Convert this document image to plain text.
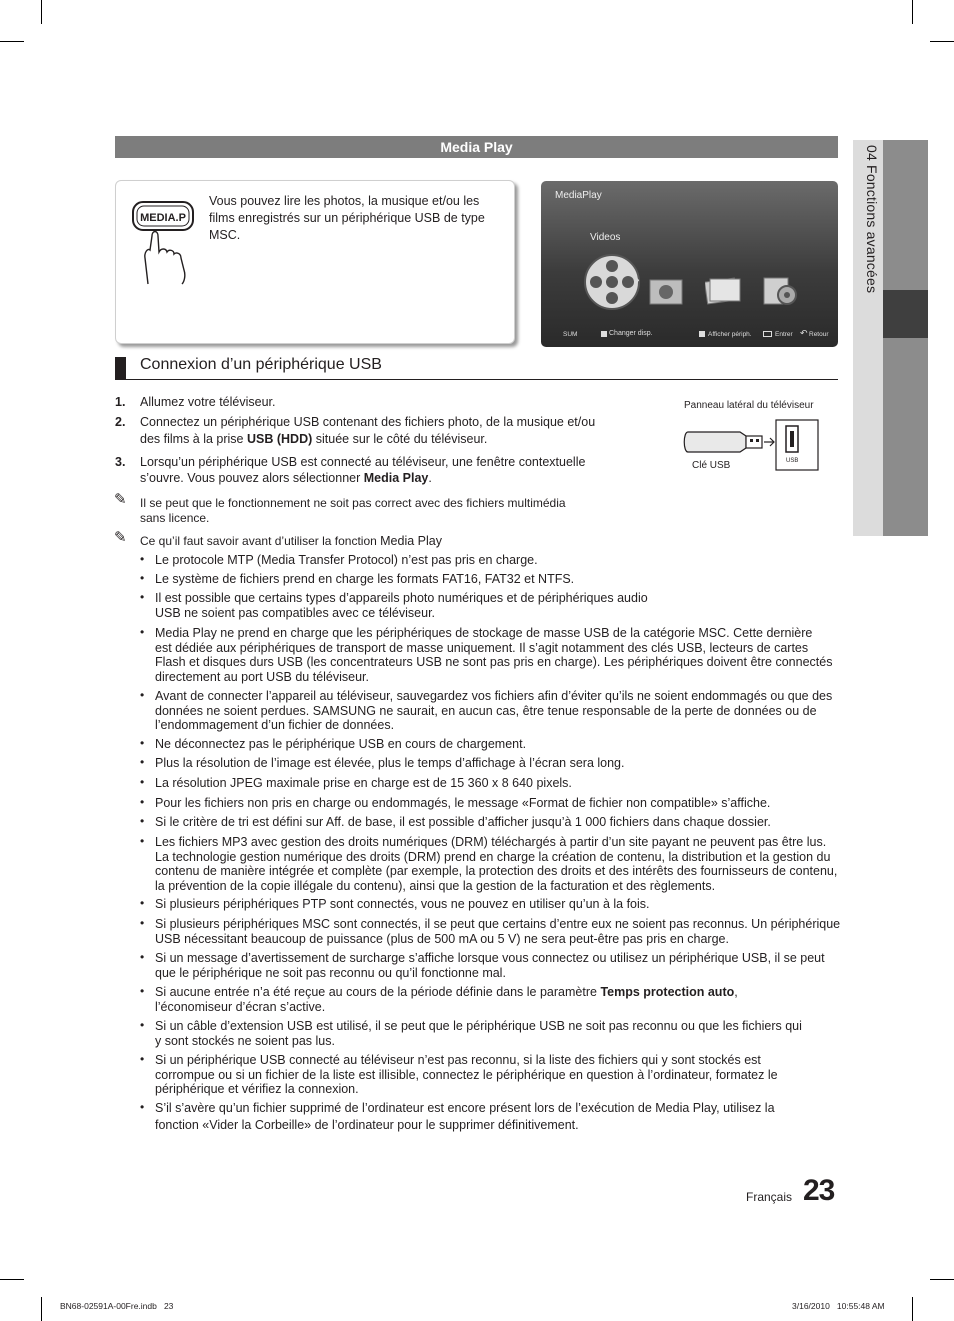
04 Fonctions avancées
Media Play
MEDIA.P
Vous pouvez lire les photos, la musique et/ou les films enregistrés sur un périphérique USB de type MSC.
MediaPlay
Videos
›
SUM	Changer disp.	Afficher périph.	Entrer ↶ Retour
Connexion d’un périphérique USB
1. Allumez votre téléviseur.
2. Connectez un périphérique USB contenant des fichiers photo, de la musique et/ou
des films à la prise USB (HDD) située sur le côté du téléviseur.
3. Lorsqu’un périphérique USB est connecté au téléviseur, une fenêtre contextuelle
s’ouvre. Vous pouvez alors sélectionner Media Play.
Panneau latéral du téléviseur
USB
Clé USB
✎ Il se peut que le fonctionnement ne soit pas correct avec des fichiers multimédia
sans licence.
✎ Ce qu’il faut savoir avant d’utiliser la fonction Media Play
• Le protocole MTP (Media Transfer Protocol) n’est pas pris en charge.
• Le système de fichiers prend en charge les formats FAT16, FAT32 et NTFS.
• Il est possible que certains types d’appareils photo numériques et de périphériques audio
USB ne soient pas compatibles avec ce téléviseur.
• Media Play ne prend en charge que les périphériques de stockage de masse USB de la catégorie MSC. Cette dernière
est dédiée aux périphériques de transport de masse uniquement. Il s’agit notamment des clés USB, lecteurs de cartes
Flash et disques durs USB (les concentrateurs USB ne sont pas pris en charge). Les périphériques doivent être connectés
directement au port USB du téléviseur.
• Avant de connecter l’appareil au téléviseur, sauvegardez vos fichiers afin d’éviter qu’ils ne soient endommagés ou que des
données ne soient perdues. SAMSUNG ne saurait, en aucun cas, être tenue responsable de la perte de données ou de
l’endommagement d’un fichier de données.
• Ne déconnectez pas le périphérique USB en cours de chargement.
• Plus la résolution de l’image est élevée, plus le temps d’affichage à l’écran sera long.
• La résolution JPEG maximale prise en charge est de 15 360 x 8 640 pixels.
• Pour les fichiers non pris en charge ou endommagés, le message «Format de fichier non compatible» s’affiche.
• Si le critère de tri est défini sur Aff. de base, il est possible d’afficher jusqu’à 1 000 fichiers dans chaque dossier.
• Les fichiers MP3 avec gestion des droits numériques (DRM) téléchargés à partir d’un site payant ne peuvent pas être lus.
La technologie gestion numérique des droits (DRM) prend en charge la création de contenu, la distribution et la gestion du
contenu de manière intégrée et complète (par exemple, la protection des droits et des intérêts des fournisseurs de contenu,
la prévention de la copie illégale du contenu), ainsi que la gestion de la facturation et des règlements.
• Si plusieurs périphériques PTP sont connectés, vous ne pouvez en utiliser qu’un à la fois.
• Si plusieurs périphériques MSC sont connectés, il se peut que certains d’entre eux ne soient pas reconnus. Un périphérique
USB nécessitant beaucoup de puissance (plus de 500 mA ou 5 V) ne sera peut-être pas pris en charge.
• Si un message d’avertissement de surcharge s’affiche lorsque vous connectez ou utilisez un périphérique USB, il se peut
que le périphérique ne soit pas reconnu ou qu’il fonctionne mal.
• Si aucune entrée n’a été reçue au cours de la période définie dans le paramètre Temps protection auto,
l’économiseur d’écran s’active.
• Si un câble d’extension USB est utilisé, il se peut que le périphérique USB ne soit pas reconnu ou que les fichiers qui
y sont stockés ne soient pas lus.
• Si un périphérique USB connecté au téléviseur n’est pas reconnu, si la liste des fichiers qui y sont stockés est
corrompue ou si un fichier de la liste est illisible, connectez le périphérique en question à l’ordinateur, formatez le
périphérique et vérifiez la connexion.
• S’il s’avère qu’un fichier supprimé de l’ordinateur est encore présent lors de l’exécution de Media Play, utilisez la
fonction «Vider la Corbeille» de l’ordinateur pour le supprimer définitivement.
Français 23
BN68-02591A-00Fre.indb   23	3/16/2010   10:55:48 AM
